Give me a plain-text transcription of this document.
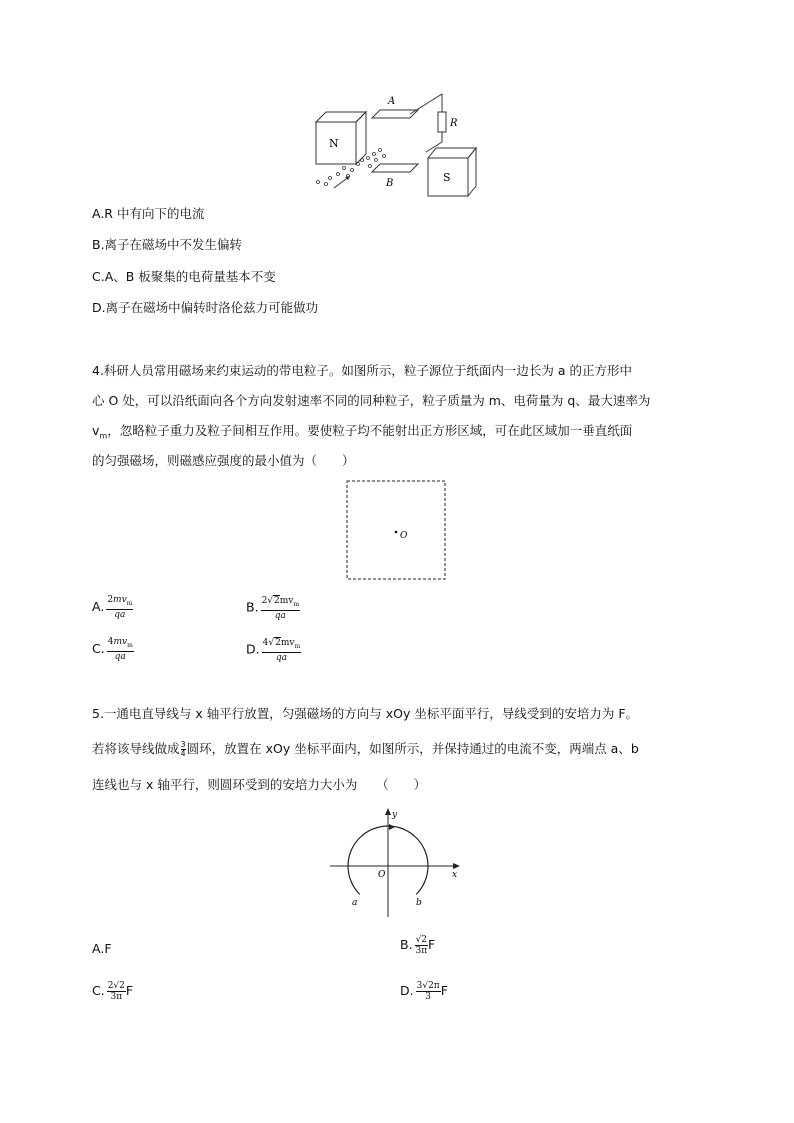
N
A
B
R
S
A.R 中有向下的电流
B.离子在磁场中不发生偏转
C.A、B 板聚集的电荷量基本不变
D.离子在磁场中偏转时洛伦兹力可能做功
4.科研人员常用磁场来约束运动的带电粒子。如图所示，粒子源位于纸面内一边长为 a 的正方形中
心 O 处，可以沿纸面向各个方向发射速率不同的同种粒子，粒子质量为 m、电荷量为 q、最大速率为
$v_m$，忽略粒子重力及粒子间相互作用。要使粒子均不能射出正方形区域，可在此区域加一垂直纸面
的匀强磁场，则磁感应强度的最小值为（　　）
O
A. $\frac{2mv_m}{qa}$	B. $\frac{2√2mv_m}{qa}$
C. $\frac{4mv_m}{qa}$	D. $\frac{4√2mv_m}{qa}$
5.一通电直导线与 x 轴平行放置，匀强磁场的方向与 xOy 坐标平面平行，导线受到的安培力为 F。
若将该导线做成 $\frac{3}{4}$ 圆环，放置在 xOy 坐标平面内，如图所示，并保持通过的电流不变，两端点 a、b
连线也与 x 轴平行，则圆环受到的安培力大小为　　（　　）
x
y
O
a	b
A.F	B. $\frac{√2}{3\pi}$ F
C. $\frac{2√2}{3\pi}$ F	D. $\frac{3√2\pi}{3}$ F
